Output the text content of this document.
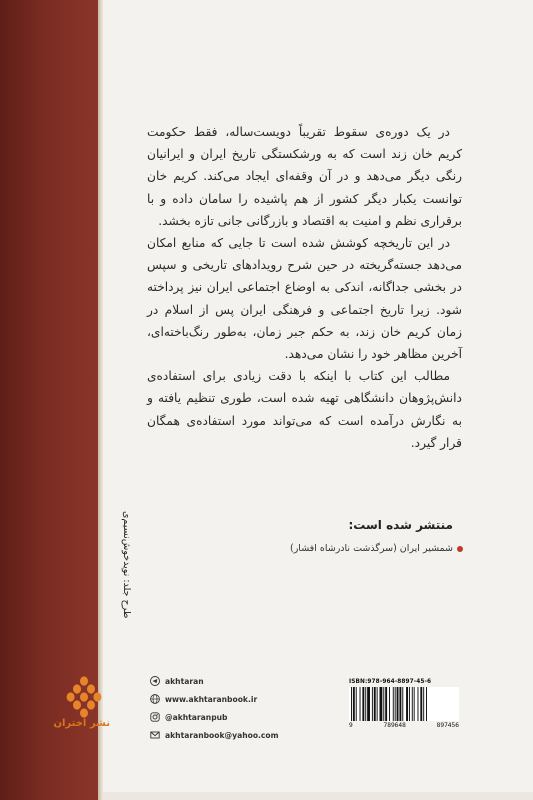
طرح جلد: نوید‌خوش‌نسیم‌‌ی

در یک دوره‌ی سقوط تقریباً دویست‌ساله، فقط حکومت کریم خان زند است که به ورشکستگی تاریخ ایران و ایرانیان رنگی دیگر می‌دهد و در آن وقفه‌ای ایجاد می‌کند. کریم خان توانست یکبار دیگر کشور از هم پاشیده را سامان داده و با برقراری نظم و امنیت به اقتصاد و بازرگانی جانی تازه بخشد.

در این تاریخچه کوشش شده است تا جایی که منابع امکان می‌دهد جسته‌گریخته در حین شرح رویدادهای تاریخی و سپس در بخشی جداگانه، اندکی به اوضاع اجتماعی ایران نیز پرداخته شود. زیرا تاریخ اجتماعی و فرهنگی ایران پس از اسلام در زمان کریم خان زند، به حکم جبر زمان، به‌طور رنگ‌باخته‌ای، آخرین مظاهر خود را نشان می‌دهد.

مطالب این کتاب با اینکه با دقت زیادی برای استفاده‌ی دانش‌پژوهان دانشگاهی تهیه شده است، طوری تنظیم یافته و به نگارش درآمده است که می‌تواند مورد استفاده‌ی همگان قرار گیرد.

منتشر شده است:
شمشیر ایران (سرگذشت نادرشاه افشار)
نشر اختران
akhtaran
www.akhtaranbook.ir
@akhtaranpub
akhtaranbook@yahoo.com
ISBN:978-964-8897-45-6
9	789648	897456
